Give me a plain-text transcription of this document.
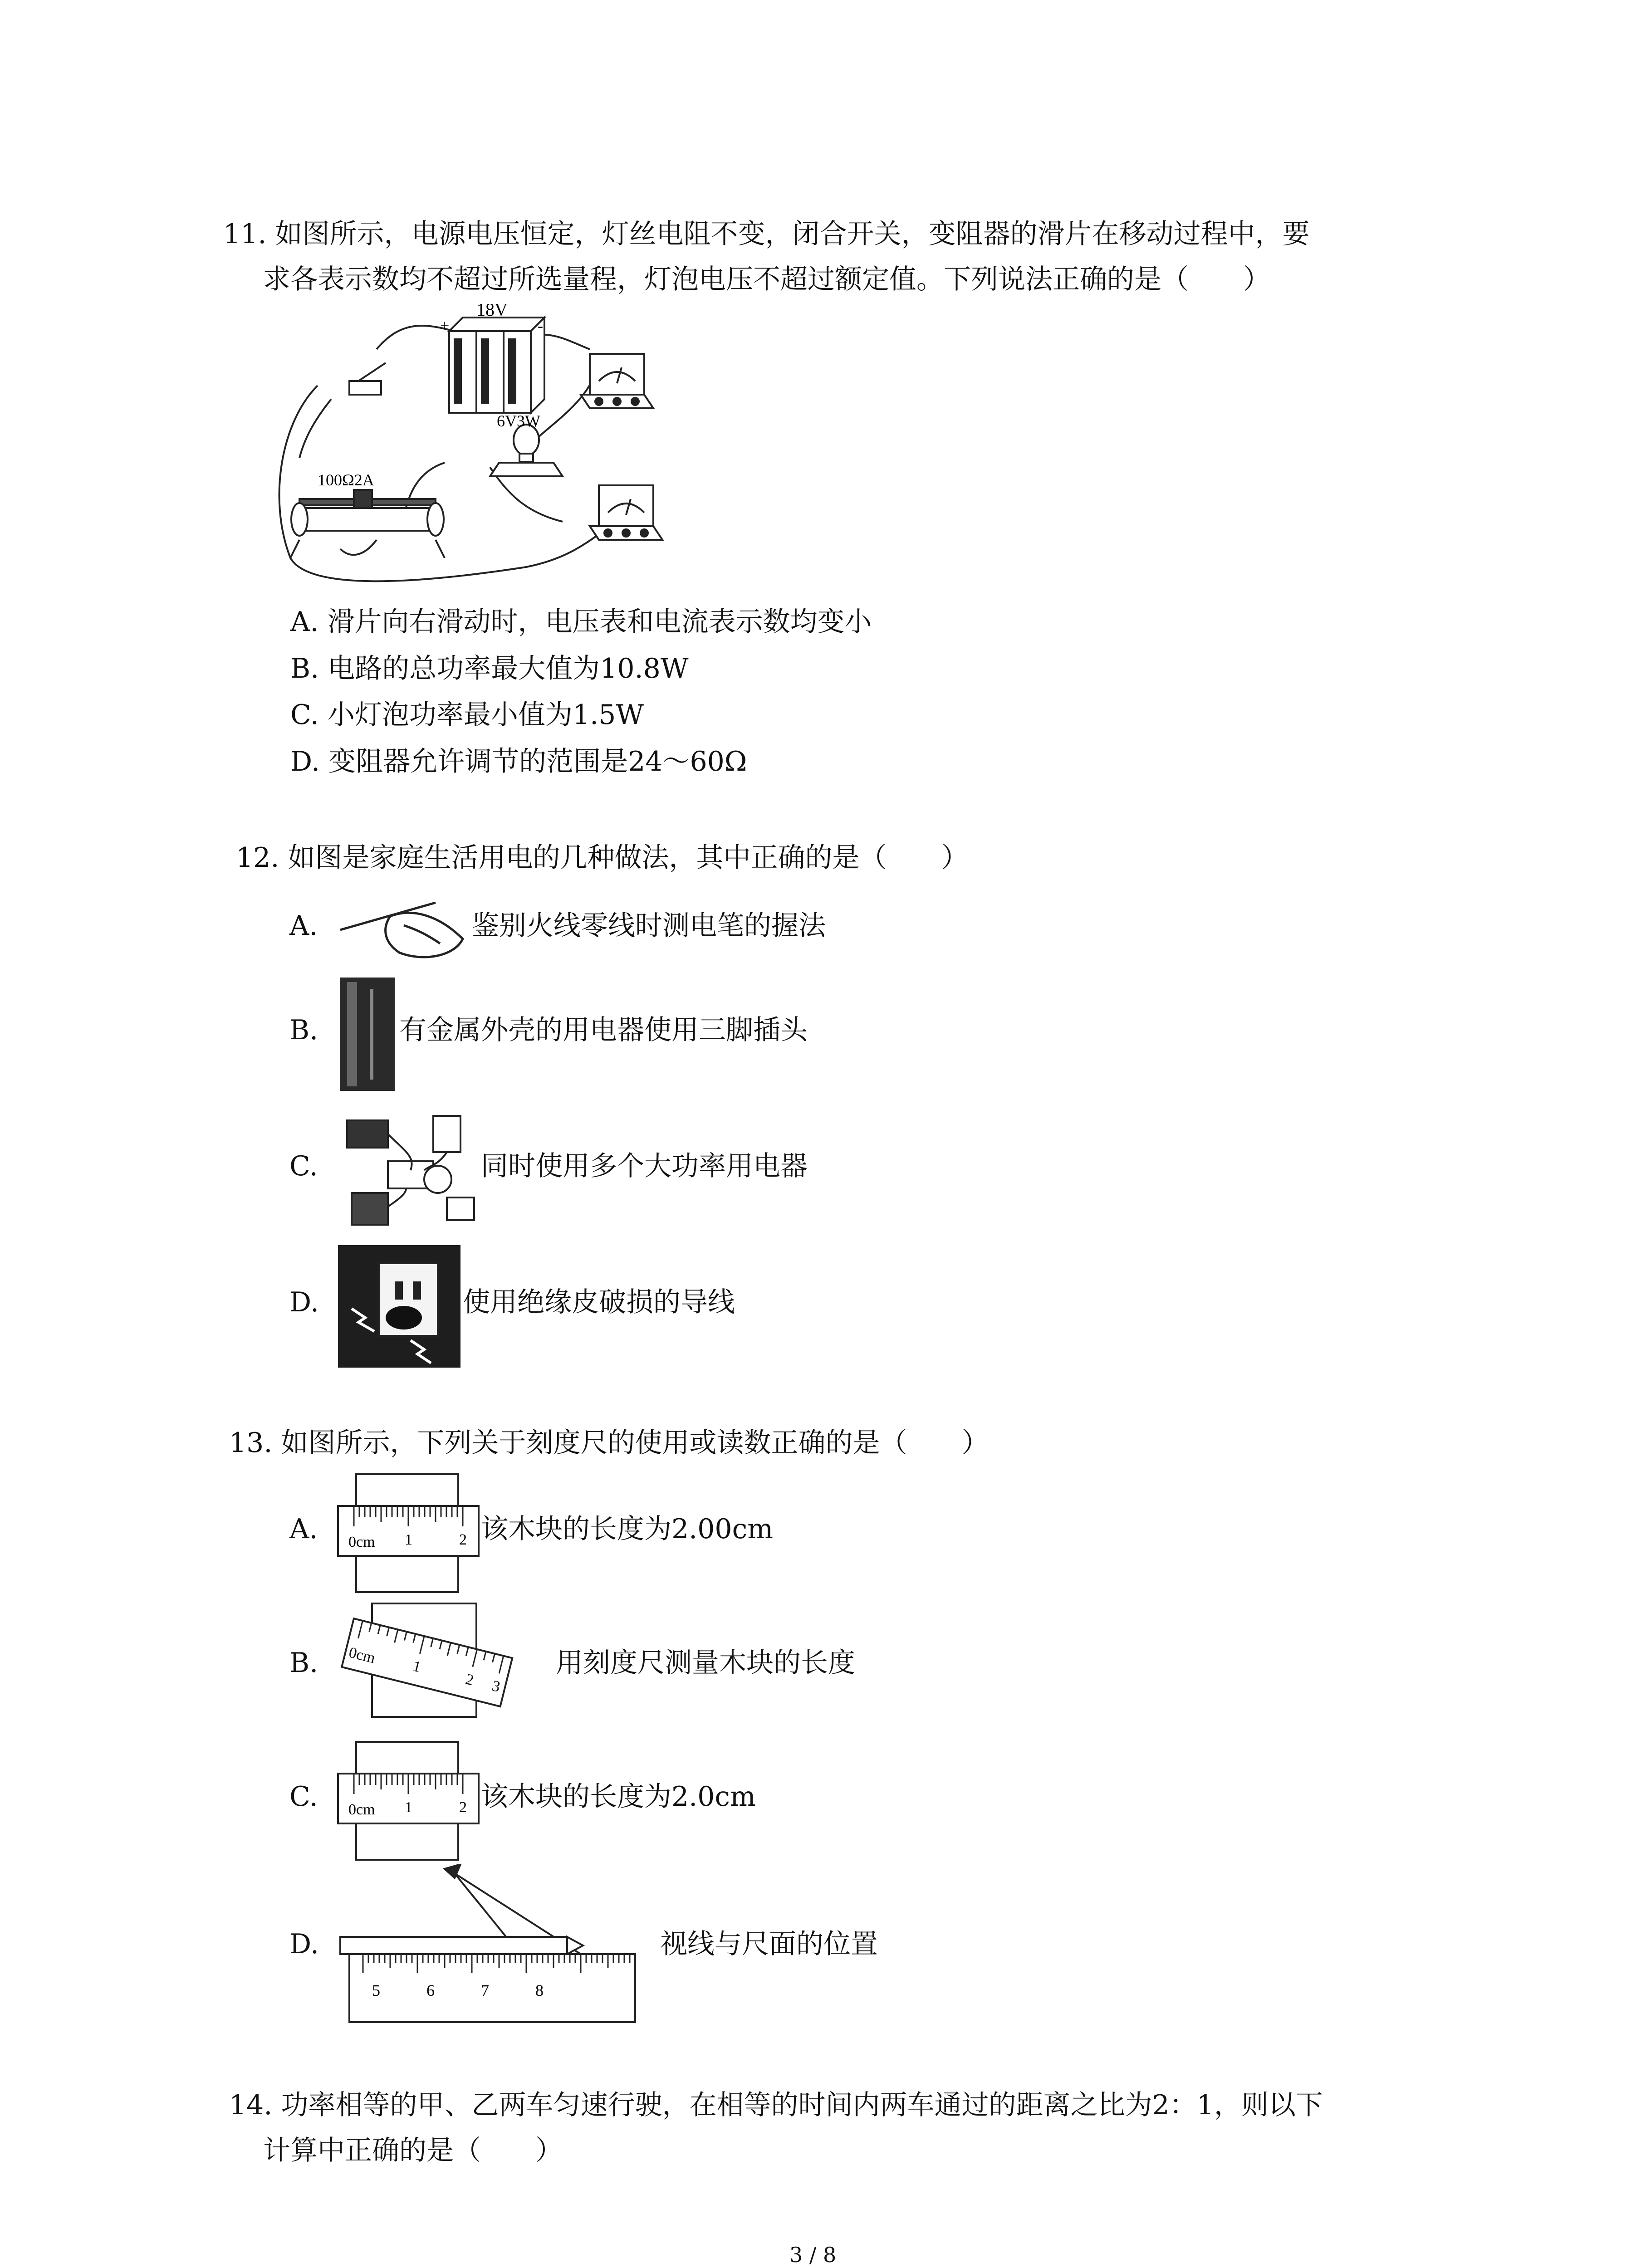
11. 如图所示，电源电压恒定，灯丝电阻不变，闭合开关，变阻器的滑片在移动过程中，要
求各表示数均不超过所选量程，灯泡电压不超过额定值。下列说法正确的是（　　）
18V
+	-
6V3W
100Ω2A
A. 滑片向右滑动时，电压表和电流表示数均变小
B. 电路的总功率最大值为10.8W
C. 小灯泡功率最小值为1.5W
D. 变阻器允许调节的范围是24～60Ω
12. 如图是家庭生活用电的几种做法，其中正确的是（　　）
A.	鉴别火线零线时测电笔的握法
B.	有金属外壳的用电器使用三脚插头
C.	同时使用多个大功率用电器
D.	使用绝缘皮破损的导线
13. 如图所示，下列关于刻度尺的使用或读数正确的是（　　）
A. 0cm 1	2 该木块的长度为2.00cm
B. 0cm 1
2 3
用刻度尺测量木块的长度
C. 0cm 1	2 该木块的长度为2.0cm
D.
5	6	7	8
视线与尺面的位置
14. 功率相等的甲、乙两车匀速行驶，在相等的时间内两车通过的距离之比为2：1，则以下
计算中正确的是（　　）
3 / 8
